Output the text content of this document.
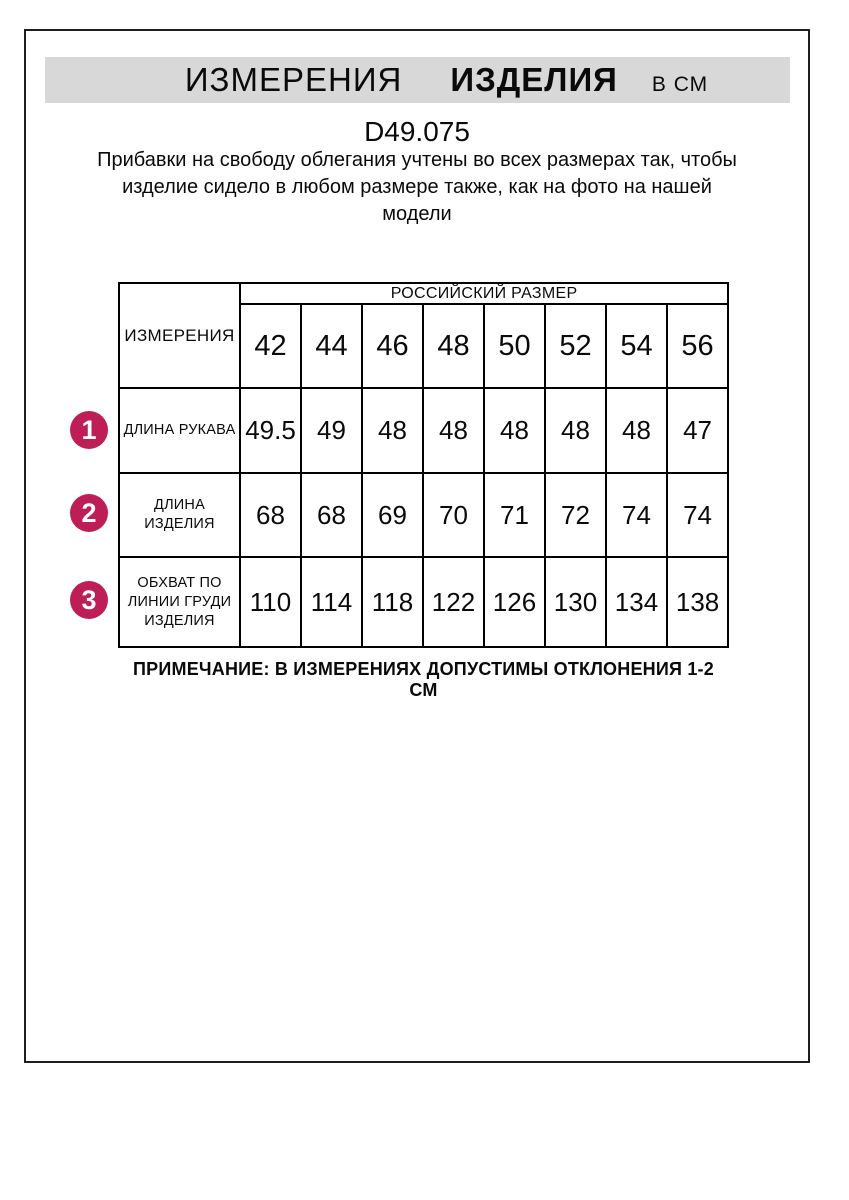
ИЗМЕРЕНИЯ ИЗДЕЛИЯ В СМ
D49.075
Прибавки на свободу облегания учтены во всех размерах так, чтобы
изделие сидело в любом размере также, как на фото на нашей
модели
ИЗМЕРЕНИЯ	РОССИЙСКИЙ РАЗМЕР							
	42	44	46	48	50	52	54	56
ДЛИНА РУКАВА	49.5	49	48	48	48	48	48	47
ДЛИНА ИЗДЕЛИЯ	68	68	69	70	71	72	74	74
ОБХВАТ ПО ЛИНИИ ГРУДИ ИЗДЕЛИЯ	110	114	118	122	126	130	134	138
1
2
3
ПРИМЕЧАНИЕ: В ИЗМЕРЕНИЯХ ДОПУСТИМЫ ОТКЛОНЕНИЯ 1-2 СМ
